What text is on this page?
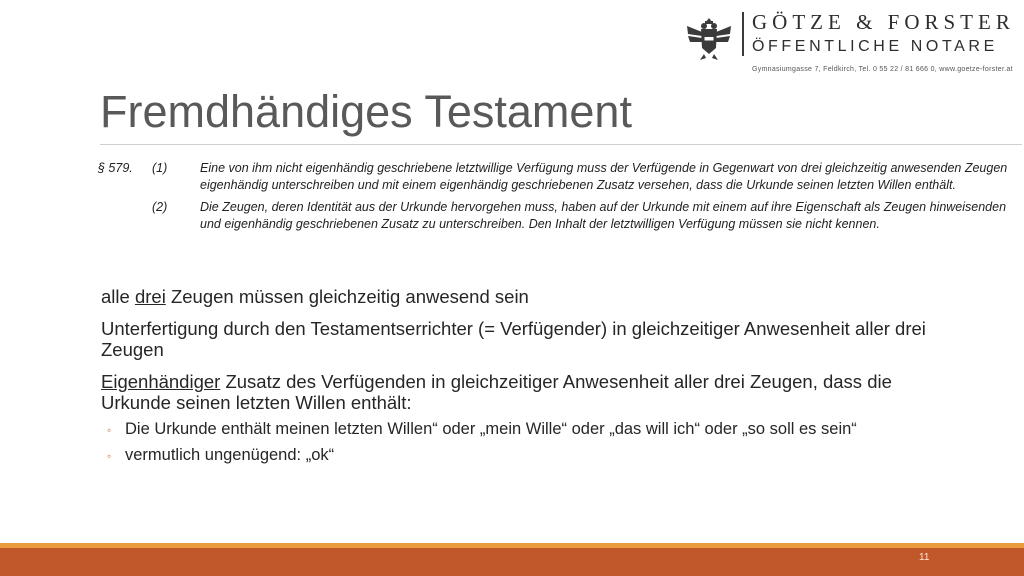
GÖTZE & FORSTER
ÖFFENTLICHE NOTARE
Gymnasiumgasse 7, Feldkirch, Tel. 0 55 22 / 81 666 0, www.goetze-forster.at
Fremdhändiges Testament
§ 579.	(1)	Eine von ihm nicht eigenhändig geschriebene letztwillige Verfügung muss der Verfügende in Gegenwart von drei gleichzeitig anwesenden Zeugen eigenhändig unterschreiben und mit einem eigenhändig geschriebenen Zusatz versehen, dass die Urkunde seinen letzten Willen enthält.
(2)	Die Zeugen, deren Identität aus der Urkunde hervorgehen muss, haben auf der Urkunde mit einem auf ihre Eigenschaft als Zeugen hinweisenden und eigenhändig geschriebenen Zusatz zu unterschreiben. Den Inhalt der letztwilligen Verfügung müssen sie nicht kennen.

alle drei Zeugen müssen gleichzeitig anwesend sein

Unterfertigung durch den Testamentserrichter (= Verfügender) in gleichzeitiger Anwesenheit aller drei Zeugen

Eigenhändiger Zusatz des Verfügenden in gleichzeitiger Anwesenheit aller drei Zeugen, dass die Urkunde seinen letzten Willen enthält:

◦ Die Urkunde enthält meinen letzten Willen“ oder „mein Wille“ oder „das will ich“ oder „so soll es sein“
◦ vermutlich ungenügend: „ok“
11
